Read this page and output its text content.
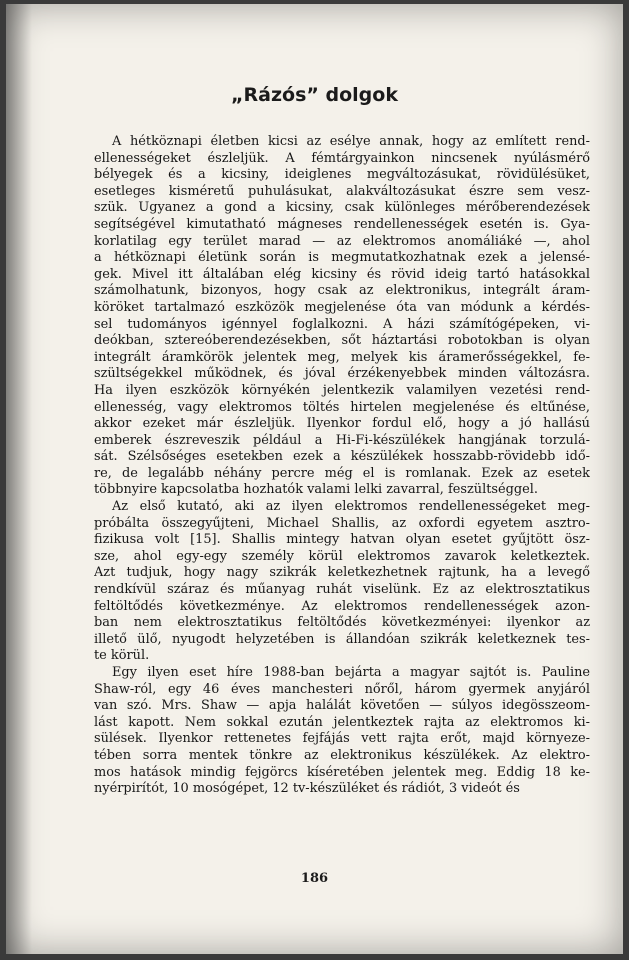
„Rázós” dolgok
A hétköznapi életben kicsi az esélye annak, hogy az említett rend-
ellenességeket észleljük. A fémtárgyainkon nincsenek nyúlásmérő
bélyegek és a kicsiny, ideiglenes megváltozásukat, rövidülésüket,
esetleges kisméretű puhulásukat, alakváltozásukat észre sem vesz-
szük. Ugyanez a gond a kicsiny, csak különleges mérőberendezések
segítségével kimutatható mágneses rendellenességek esetén is. Gya-
korlatilag egy terület marad — az elektromos anomáliáké —, ahol
a hétköznapi életünk során is megmutatkozhatnak ezek a jelensé-
gek. Mivel itt általában elég kicsiny és rövid ideig tartó hatásokkal
számolhatunk, bizonyos, hogy csak az elektronikus, integrált áram-
köröket tartalmazó eszközök megjelenése óta van módunk a kérdés-
sel tudományos igénnyel foglalkozni. A házi számítógépeken, vi-
deókban, sztereóberendezésekben, sőt háztartási robotokban is olyan
integrált áramkörök jelentek meg, melyek kis áramerősségekkel, fe-
szültségekkel működnek, és jóval érzékenyebbek minden változásra.
Ha ilyen eszközök környékén jelentkezik valamilyen vezetési rend-
ellenesség, vagy elektromos töltés hirtelen megjelenése és eltűnése,
akkor ezeket már észleljük. Ilyenkor fordul elő, hogy a jó hallású
emberek észreveszik például a Hi-Fi-készülékek hangjának torzulá-
sát. Szélsőséges esetekben ezek a készülékek hosszabb-rövidebb idő-
re, de legalább néhány percre még el is romlanak. Ezek az esetek
többnyire kapcsolatba hozhatók valami lelki zavarral, feszültséggel.
Az első kutató, aki az ilyen elektromos rendellenességeket meg-
próbálta összegyűjteni, Michael Shallis, az oxfordi egyetem asztro-
fizikusa volt [15]. Shallis mintegy hatvan olyan esetet gyűjtött ösz-
sze, ahol egy-egy személy körül elektromos zavarok keletkeztek.
Azt tudjuk, hogy nagy szikrák keletkezhetnek rajtunk, ha a levegő
rendkívül száraz és műanyag ruhát viselünk. Ez az elektrosztatikus
feltöltődés következménye. Az elektromos rendellenességek azon-
ban nem elektrosztatikus feltöltődés következményei: ilyenkor az
illető ülő, nyugodt helyzetében is állandóan szikrák keletkeznek tes-
te körül.
Egy ilyen eset híre 1988-ban bejárta a magyar sajtót is. Pauline
Shaw-ról, egy 46 éves manchesteri nőről, három gyermek anyjáról
van szó. Mrs. Shaw — apja halálát követően — súlyos idegösszeom-
lást kapott. Nem sokkal ezután jelentkeztek rajta az elektromos ki-
sülések. Ilyenkor rettenetes fejfájás vett rajta erőt, majd környeze-
tében sorra mentek tönkre az elektronikus készülékek. Az elektro-
mos hatások mindig fejgörcs kíséretében jelentek meg. Eddig 18 ke-
nyérpirítót, 10 mosógépet, 12 tv-készüléket és rádiót, 3 videót és
186
